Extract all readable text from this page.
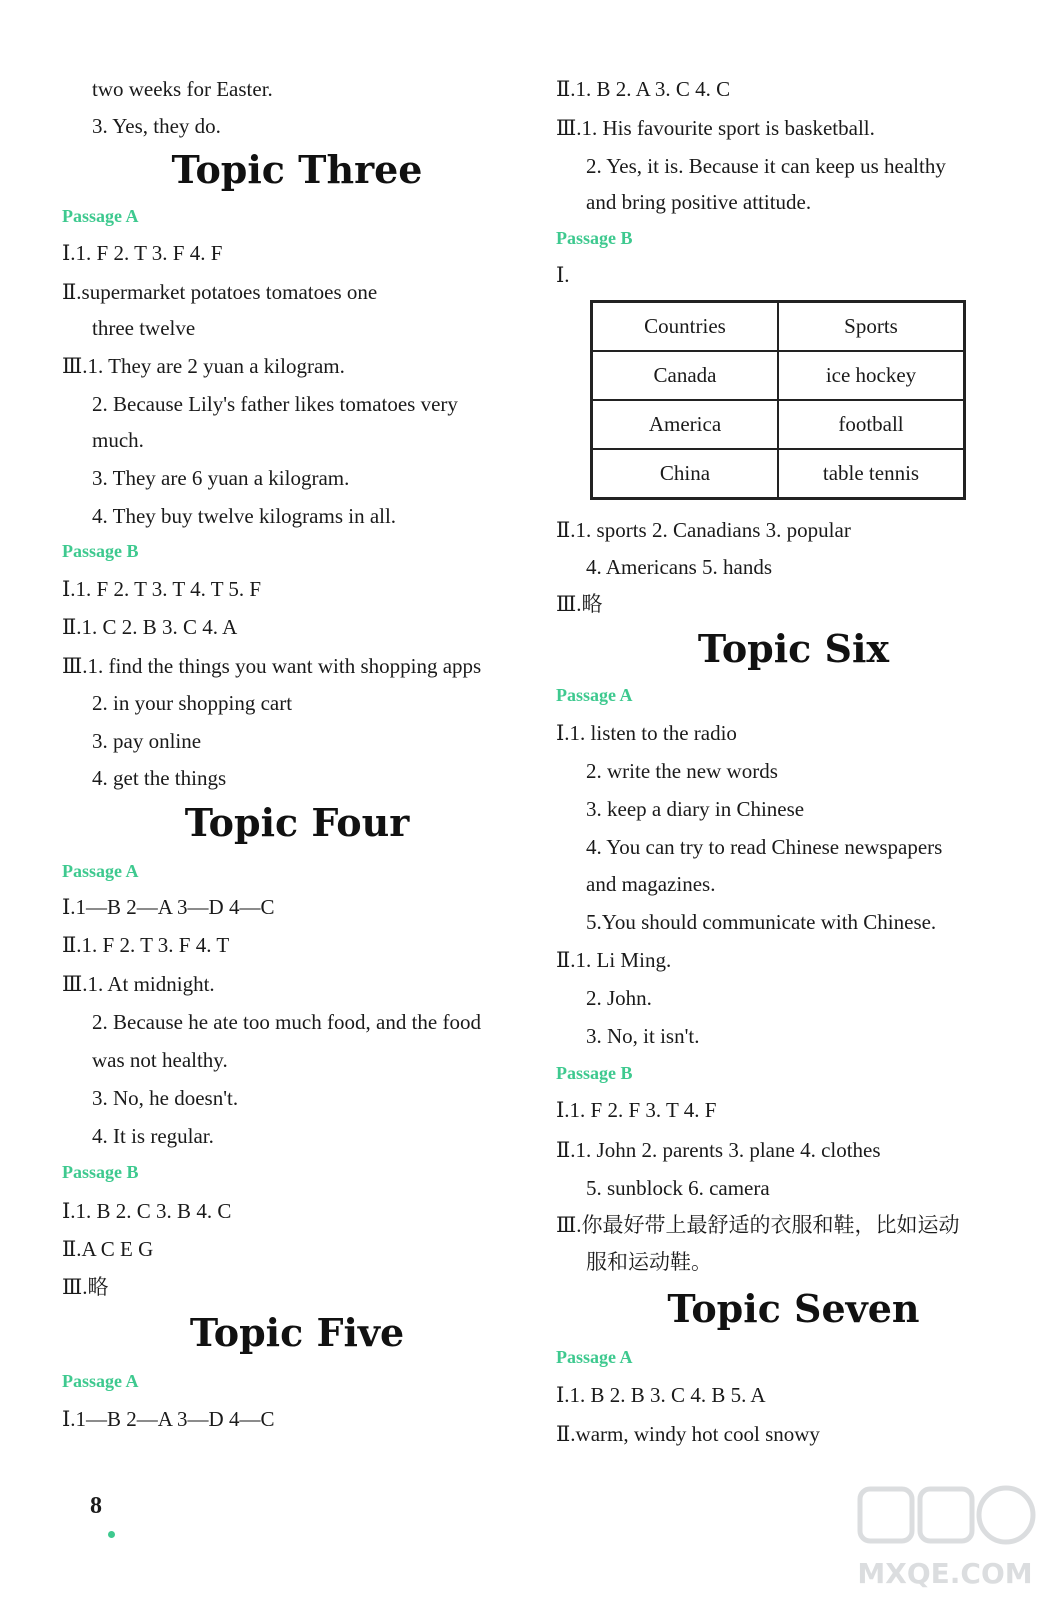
two weeks for Easter.
3. Yes, they do.
Topic Three
Passage A
Ⅰ.1. F 2. T 3. F 4. F
Ⅱ.supermarket potatoes tomatoes one
three twelve
Ⅲ.1. They are 2 yuan a kilogram.
2. Because Lily's father likes tomatoes very
much.
3. They are 6 yuan a kilogram.
4. They buy twelve kilograms in all.
Passage B
Ⅰ.1. F 2. T 3. T 4. T 5. F
Ⅱ.1. C 2. B 3. C 4. A
Ⅲ.1. find the things you want with shopping apps
2. in your shopping cart
3. pay online
4. get the things
Topic Four
Passage A
Ⅰ.1—B 2—A 3—D 4—C
Ⅱ.1. F 2. T 3. F 4. T
Ⅲ.1. At midnight.
2. Because he ate too much food, and the food
was not healthy.
3. No, he doesn't.
4. It is regular.
Passage B
Ⅰ.1. B 2. C 3. B 4. C
Ⅱ.A C E G
Ⅲ.略
Topic Five
Passage A
Ⅰ.1—B 2—A 3—D 4—C
Ⅱ.1. B 2. A 3. C 4. C
Ⅲ.1. His favourite sport is basketball.
2. Yes, it is. Because it can keep us healthy
and bring positive attitude.
Passage B
Ⅰ.
Countries	Sports
Canada	ice hockey
America	football
China	table tennis
Ⅱ.1. sports 2. Canadians 3. popular
4. Americans 5. hands
Ⅲ.略
Topic Six
Passage A
Ⅰ.1. listen to the radio
2. write the new words
3. keep a diary in Chinese
4. You can try to read Chinese newspapers
and magazines.
5.You should communicate with Chinese.
Ⅱ.1. Li Ming.
2. John.
3. No, it isn't.
Passage B
Ⅰ.1. F 2. F 3. T 4. F
Ⅱ.1. John 2. parents 3. plane 4. clothes
5. sunblock 6. camera
Ⅲ.你最好带上最舒适的衣服和鞋，比如运动
服和运动鞋。
Topic Seven
Passage A
Ⅰ.1. B 2. B 3. C 4. B 5. A
Ⅱ.warm, windy hot cool snowy
8
MXQE.COM
